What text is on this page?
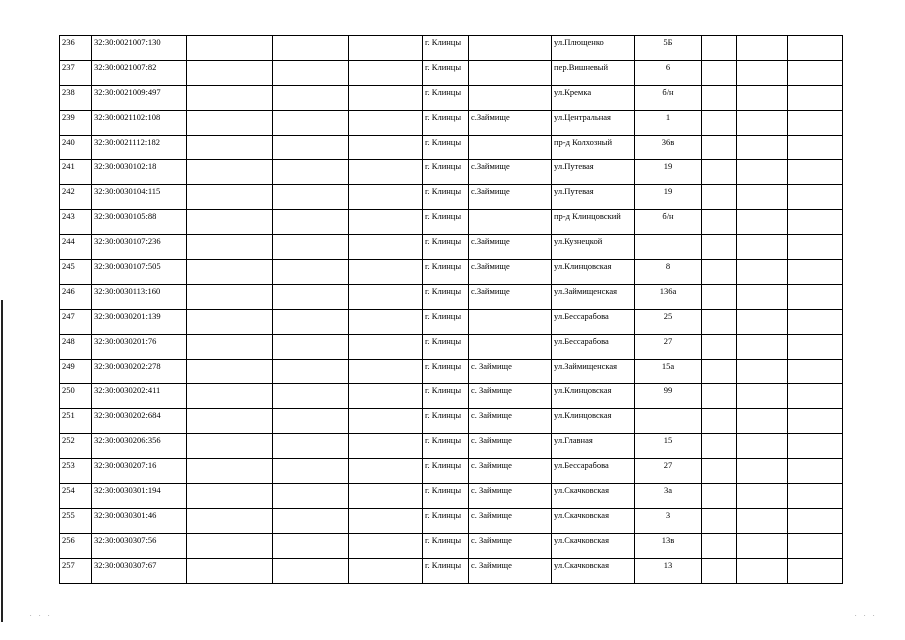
236	32:30:0021007:130				г. Клинцы		ул.Плющенко	5Б			
237	32:30:0021007:82				г. Клинцы		пер.Вишневый	6			
238	32:30:0021009:497				г. Клинцы		ул.Кремка	б/н			
239	32:30:0021102:108				г. Клинцы	с.Займище	ул.Центральная	1			
240	32:30:0021112:182				г. Клинцы		пр-д Колхозный	36в			
241	32:30:0030102:18				г. Клинцы	с.Займище	ул.Путевая	19			
242	32:30:0030104:115				г. Клинцы	с.Займище	ул.Путевая	19			
243	32:30:0030105:88				г. Клинцы		пр-д Клинцовский	б/н			
244	32:30:0030107:236				г. Клинцы	с.Займище	ул.Кузнецкой				
245	32:30:0030107:505				г. Клинцы	с.Займище	ул.Клинцовская	8			
246	32:30:0030113:160				г. Клинцы	с.Займище	ул.Займищенская	136а			
247	32:30:0030201:139				г. Клинцы		ул.Бессарабова	25			
248	32:30:0030201:76				г. Клинцы		ул.Бессарабова	27			
249	32:30:0030202:278				г. Клинцы	с. Займище	ул.Займищенская	15а			
250	32:30:0030202:411				г. Клинцы	с. Займище	ул.Клинцовская	99			
251	32:30:0030202:684				г. Клинцы	с. Займище	ул.Клинцовская				
252	32:30:0030206:356				г. Клинцы	с. Займище	ул.Главная	15			
253	32:30:0030207:16				г. Клинцы	с. Займище	ул.Бессарабова	27			
254	32:30:0030301:194				г. Клинцы	с. Займище	ул.Скачковская	3а			
255	32:30:0030301:46				г. Клинцы	с. Займище	ул.Скачковская	3			
256	32:30:0030307:56				г. Клинцы	с. Займище	ул.Скачковская	13в			
257	32:30:0030307:67				г. Клинцы	с. Займище	ул.Скачковская	13			
. . .	. . .
